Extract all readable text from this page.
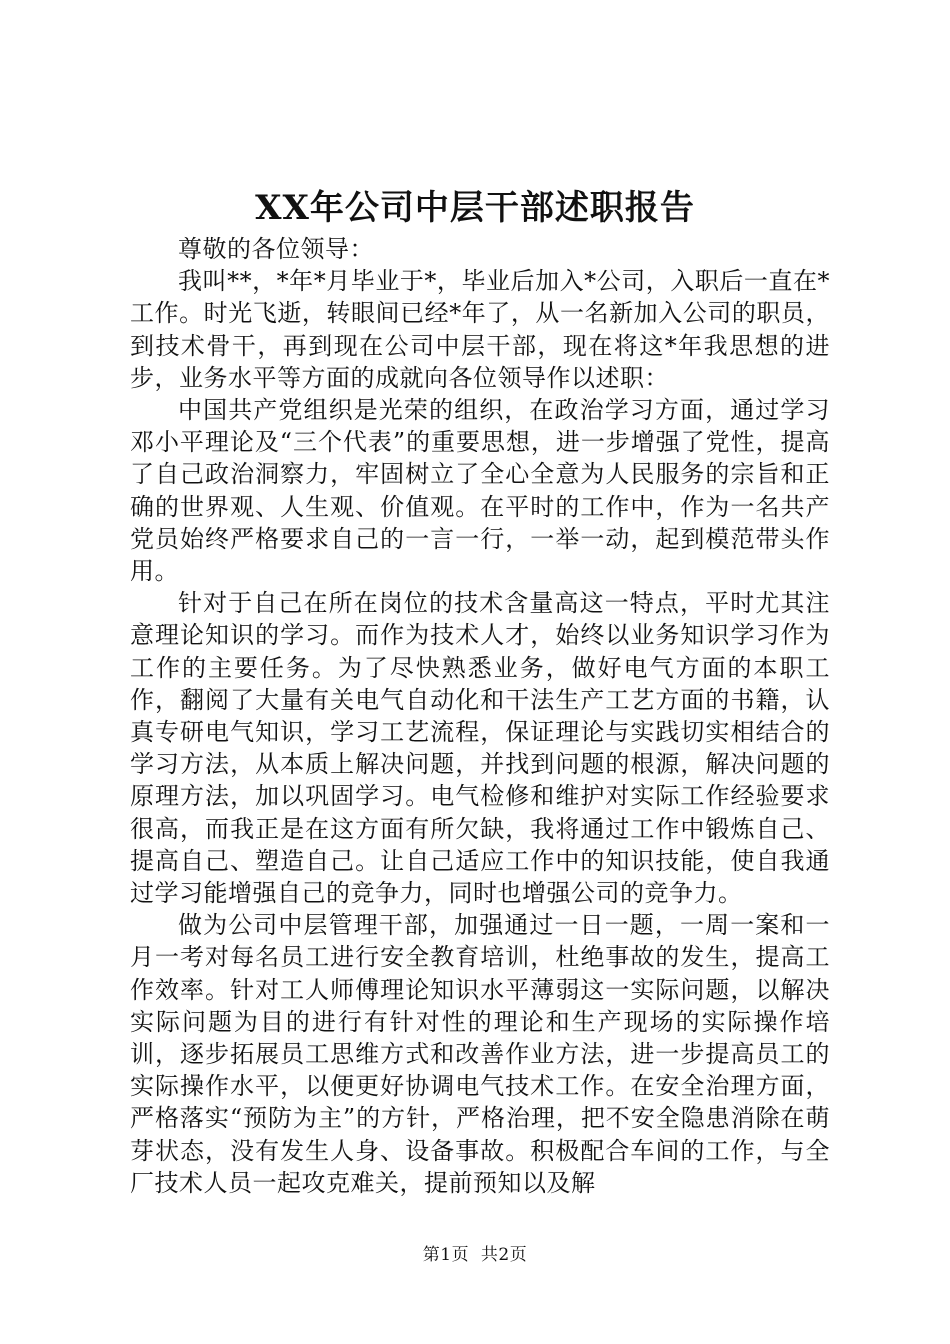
XX年公司中层干部述职报告

尊敬的各位领导：

我叫**，*年*月毕业于*，毕业后加入*公司，入职后一直在*工作。时光飞逝，转眼间已经*年了，从一名新加入公司的职员，到技术骨干，再到现在公司中层干部，现在将这*年我思想的进步，业务水平等方面的成就向各位领导作以述职：

中国共产党组织是光荣的组织，在政治学习方面，通过学习邓小平理论及“三个代表”的重要思想，进一步增强了党性，提高了自己政治洞察力，牢固树立了全心全意为人民服务的宗旨和正确的世界观、人生观、价值观。在平时的工作中，作为一名共产党员始终严格要求自己的一言一行，一举一动，起到模范带头作用。

针对于自己在所在岗位的技术含量高这一特点，平时尤其注意理论知识的学习。而作为技术人才，始终以业务知识学习作为工作的主要任务。为了尽快熟悉业务，做好电气方面的本职工作，翻阅了大量有关电气自动化和干法生产工艺方面的书籍，认真专研电气知识，学习工艺流程，保证理论与实践切实相结合的学习方法，从本质上解决问题，并找到问题的根源，解决问题的原理方法，加以巩固学习。电气检修和维护对实际工作经验要求很高，而我正是在这方面有所欠缺，我将通过工作中锻炼自己、提高自己、塑造自己。让自己适应工作中的知识技能，使自我通过学习能增强自己的竞争力，同时也增强公司的竞争力。

做为公司中层管理干部，加强通过一日一题，一周一案和一月一考对每名员工进行安全教育培训，杜绝事故的发生，提高工作效率。针对工人师傅理论知识水平薄弱这一实际问题，以解决实际问题为目的进行有针对性的理论和生产现场的实际操作培训，逐步拓展员工思维方式和改善作业方法，进一步提高员工的实际操作水平，以便更好协调电气技术工作。在安全治理方面，严格落实“预防为主”的方针，严格治理，把不安全隐患消除在萌芽状态，没有发生人身、设备事故。积极配合车间的工作，与全厂技术人员一起攻克难关，提前预知以及解

第1页 共2页
